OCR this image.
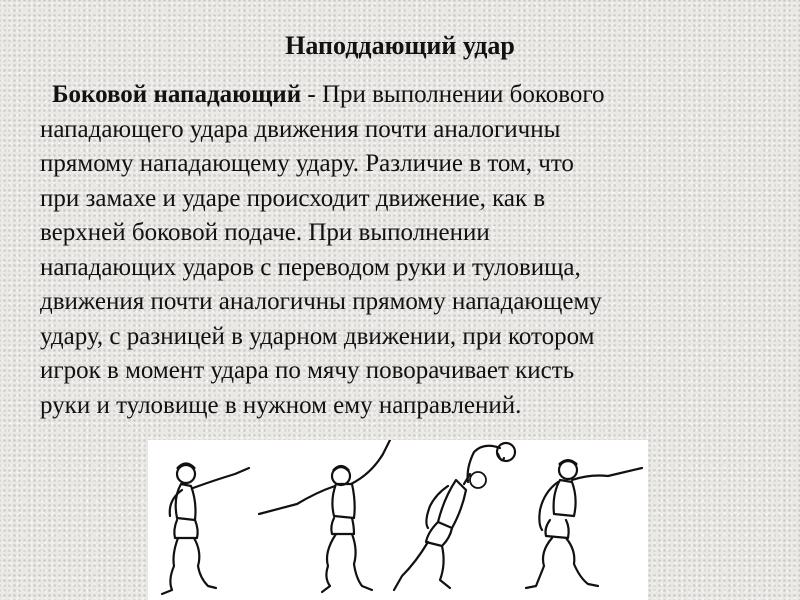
Наподдающий удар
Боковой нападающий - При выполнении бокового
нападающего удара движения почти аналогичны
прямому нападающему удару. Различие в том, что
при замахе и ударе происходит движение, как в
верхней боковой подаче. При выполнении
нападающих ударов с переводом руки и туловища,
движения почти аналогичны прямому нападающему
удару, с разницей в ударном движении, при котором
игрок в момент удара по мячу поворачивает кисть
руки и туловище в нужном ему направлений.
